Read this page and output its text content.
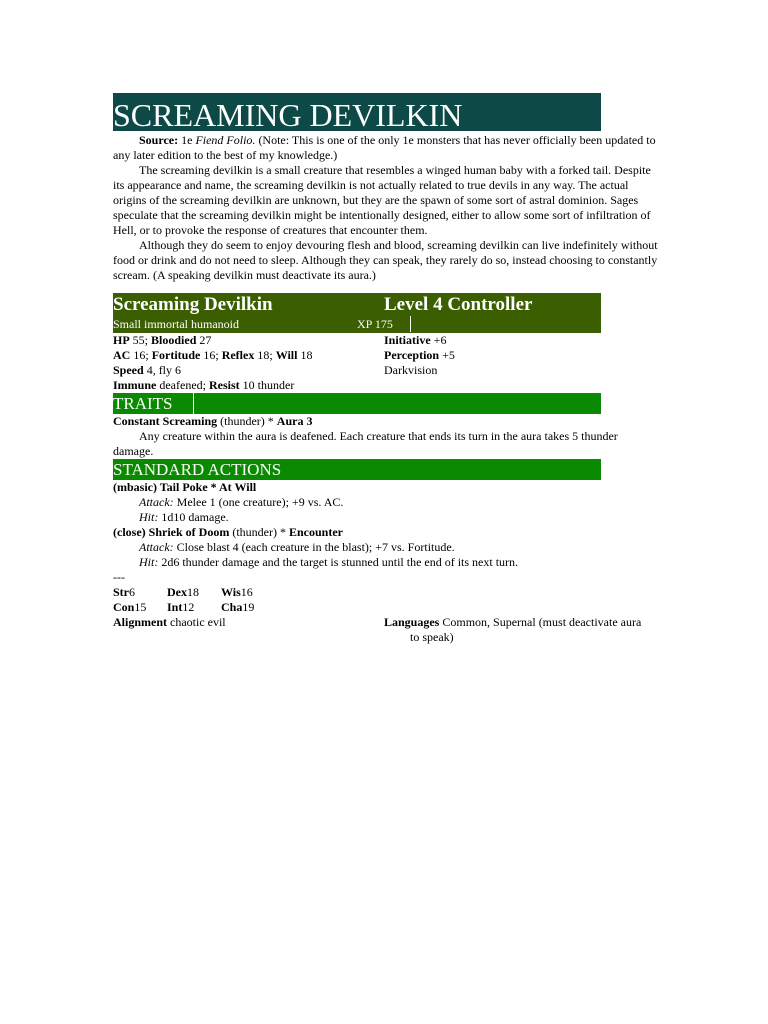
SCREAMING DEVILKIN

Source: 1e Fiend Folio. (Note: This is one of the only 1e monsters that has never officially been updated to any later edition to the best of my knowledge.)

The screaming devilkin is a small creature that resembles a winged human baby with a forked tail. Despite its appearance and name, the screaming devilkin is not actually related to true devils in any way. The actual origins of the screaming devilkin are unknown, but they are the spawn of some sort of astral dominion. Sages speculate that the screaming devilkin might be intentionally designed, either to allow some sort of infiltration of Hell, or to provoke the response of creatures that encounter them.

Although they do seem to enjoy devouring flesh and blood, screaming devilkin can live indefinitely without food or drink and do not need to sleep. Although they can speak, they rarely do so, instead choosing to constantly scream. (A speaking devilkin must deactivate its aura.)

Screaming Devilkin	Level 4 Controller
Small immortal humanoid	XP 175
HP 55; Bloodied 27	Initiative +6
AC 16; Fortitude 16; Reflex 18; Will 18	Perception +5
Speed 4, fly 6	Darkvision
Immune deafened; Resist 10 thunder
TRAITS
Constant Screaming (thunder) * Aura 3

Any creature within the aura is deafened. Each creature that ends its turn in the aura takes 5 thunder damage.

STANDARD ACTIONS
(mbasic) Tail Poke * At Will
Attack: Melee 1 (one creature); +9 vs. AC.
Hit: 1d10 damage.
(close) Shriek of Doom (thunder) * Encounter
Attack: Close blast 4 (each creature in the blast); +7 vs. Fortitude.
Hit: 2d6 thunder damage and the target is stunned until the end of its next turn.
---
Str 6	Dex 18 Wis 16
Con 15 Int 12 Cha 19
Alignment chaotic evil	Languages Common, Supernal (must deactivate aura
to speak)
